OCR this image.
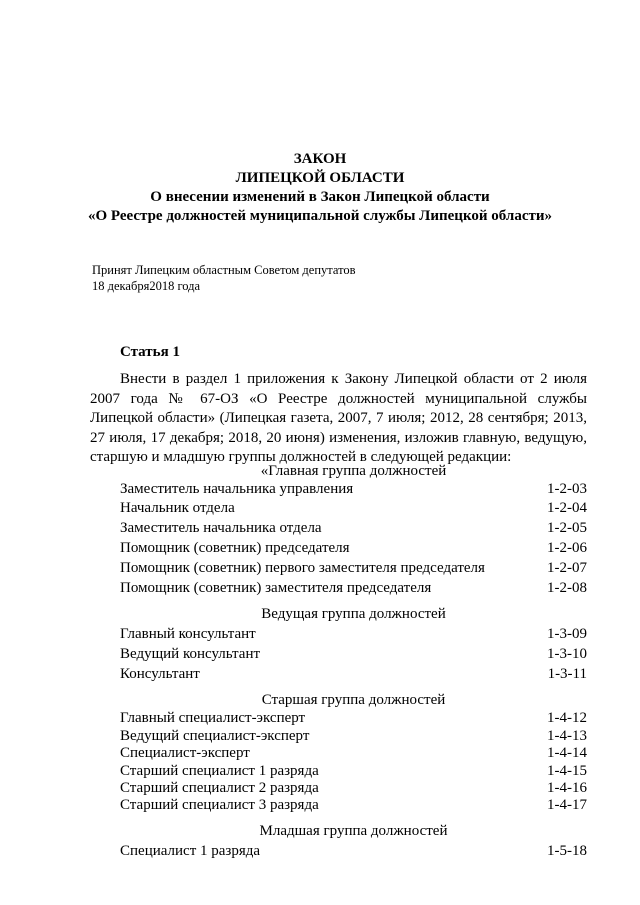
ЗАКОН
ЛИПЕЦКОЙ ОБЛАСТИ
О внесении изменений в Закон Липецкой области
«О Реестре должностей муниципальной службы Липецкой области»
Принят Липецким областным Советом депутатов
18 декабря2018 года
Статья 1

Внести в раздел 1 приложения к Закону Липецкой области от 2 июля 2007 года № 67-ОЗ «О Реестре должностей муниципальной службы Липецкой области» (Липецкая газета, 2007, 7 июля; 2012, 28 сентября; 2013, 27 июля, 17 декабря; 2018, 20 июня) изменения, изложив главную, ведущую, старшую и младшую группы должностей в следующей редакции:

«Главная группа должностей
Заместитель начальника управления	1-2-03
Начальник отдела	1-2-04
Заместитель начальника отдела	1-2-05
Помощник (советник) председателя	1-2-06
Помощник (советник) первого заместителя председателя	1-2-07
Помощник (советник) заместителя председателя	1-2-08
Ведущая группа должностей
Главный консультант	1-3-09
Ведущий консультант	1-3-10
Консультант	1-3-11
Старшая группа должностей
Главный специалист-эксперт	1-4-12
Ведущий специалист-эксперт	1-4-13
Специалист-эксперт	1-4-14
Старший специалист 1 разряда	1-4-15
Старший специалист 2 разряда	1-4-16
Старший специалист 3 разряда	1-4-17
Младшая группа должностей
Специалист 1 разряда	1-5-18
